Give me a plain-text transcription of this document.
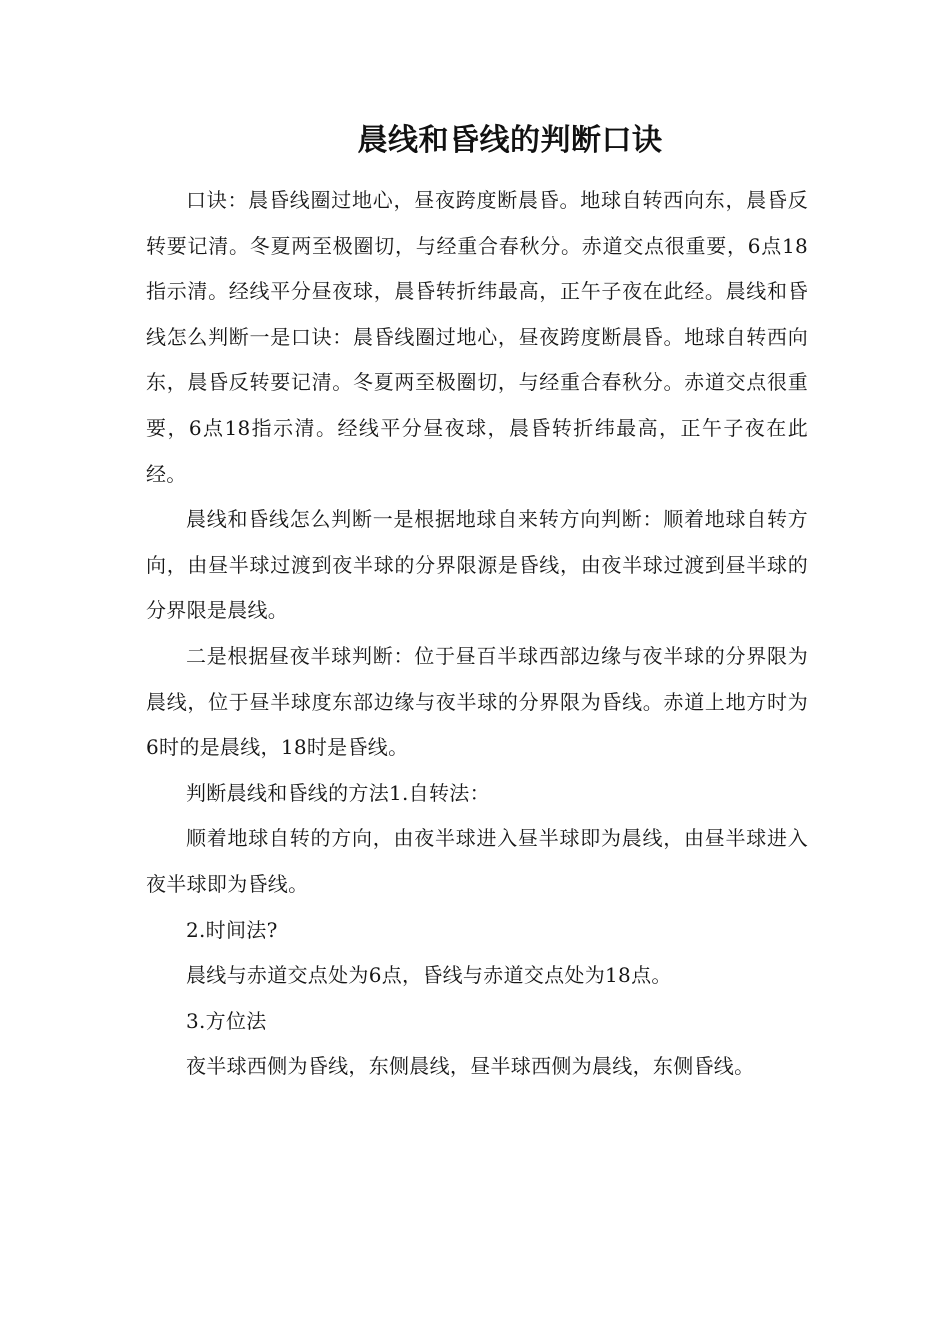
晨线和昏线的判断口诀

口诀：晨昏线圈过地心，昼夜跨度断晨昏。地球自转西向东，晨昏反转要记清。冬夏两至极圈切，与经重合春秋分。赤道交点很重要，6点18指示清。经线平分昼夜球，晨昏转折纬最高，正午子夜在此经。晨线和昏线怎么判断一是口诀：晨昏线圈过地心，昼夜跨度断晨昏。地球自转西向东，晨昏反转要记清。冬夏两至极圈切，与经重合春秋分。赤道交点很重要，6点18指示清。经线平分昼夜球，晨昏转折纬最高，正午子夜在此经。

晨线和昏线怎么判断一是根据地球自来转方向判断：顺着地球自转方向，由昼半球过渡到夜半球的分界限源是昏线，由夜半球过渡到昼半球的分界限是晨线。

二是根据昼夜半球判断：位于昼百半球西部边缘与夜半球的分界限为晨线，位于昼半球度东部边缘与夜半球的分界限为昏线。赤道上地方时为6时的是晨线，18时是昏线。

判断晨线和昏线的方法1.自转法：

顺着地球自转的方向，由夜半球进入昼半球即为晨线，由昼半球进入夜半球即为昏线。

2.时间法?

晨线与赤道交点处为6点，昏线与赤道交点处为18点。

3.方位法

夜半球西侧为昏线，东侧晨线，昼半球西侧为晨线，东侧昏线。
